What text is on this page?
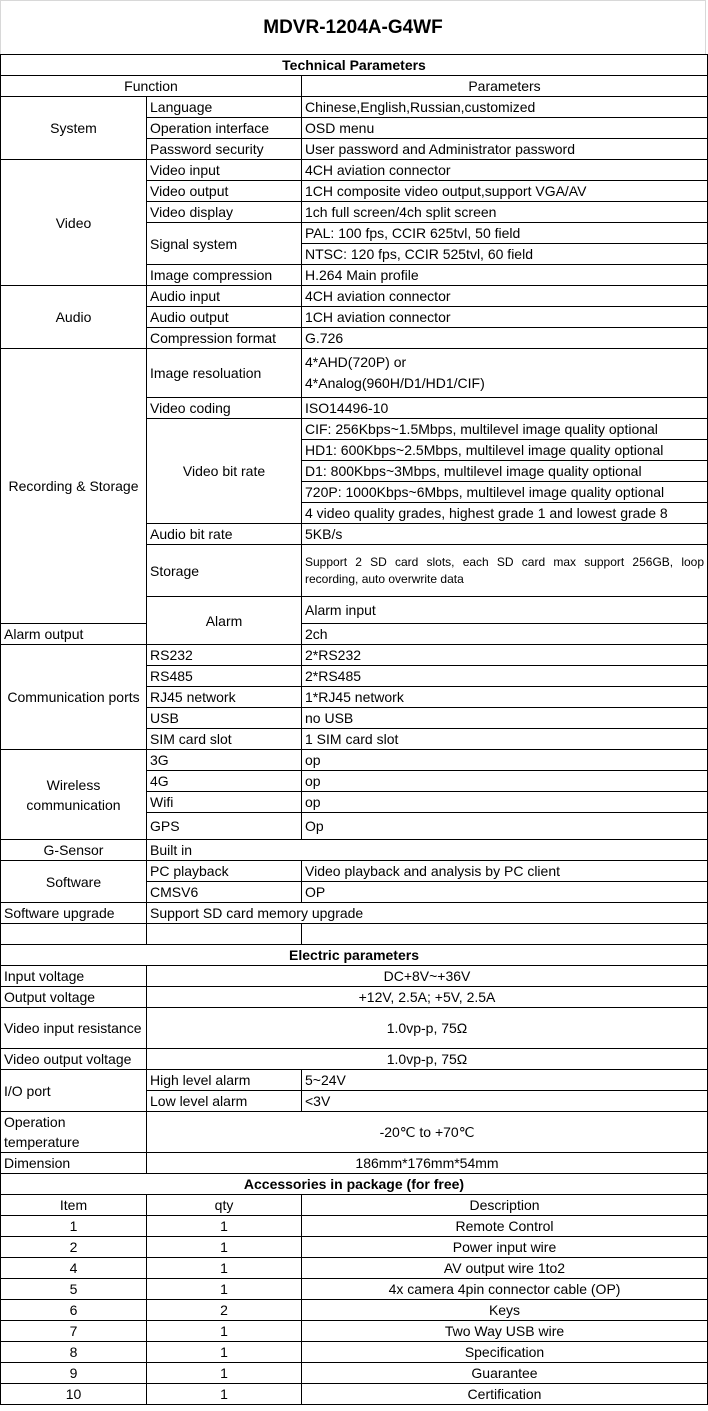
MDVR-1204A-G4WF
Technical Parameters			
Function		Parameters	
System	Language	Chinese,English,Russian,customized	
	Operation interface	OSD menu	
	Password security	User password and Administrator password	
Video	Video input	4CH aviation connector	
	Video output	1CH composite video output,support VGA/AV	
	Video display	1ch full screen/4ch split screen	
	Signal system	PAL: 100 fps, CCIR 625tvl, 50 field	
		NTSC: 120 fps, CCIR 525tvl, 60 field	
	Image compression	H.264 Main profile	
Audio	Audio input	4CH aviation connector	
	Audio output	1CH aviation connector	
	Compression format	G.726	
Recording & Storage	Image resoluation	4*AHD(720P) or
4*Analog(960H/D1/HD1/CIF)	

	Video coding	ISO14496-10	
	Video bit rate	CIF: 256Kbps~1.5Mbps, multilevel image quality optional	
		HD1: 600Kbps~2.5Mbps, multilevel image quality optional	
		D1: 800Kbps~3Mbps, multilevel image quality optional	
		720P: 1000Kbps~6Mbps, multilevel image quality optional	
		4 video quality grades, highest grade 1 and lowest grade 8	
	Audio bit rate	5KB/s	
	Storage	Support 2 SD card slots, each SD card max support 256GB, loop recording, auto overwrite data	
	Alarm	Alarm input	
Alarm output		2ch	
Communication ports	RS232	2*RS232	
	RS485	2*RS485	
	RJ45 network	1*RJ45 network	
	USB	no USB	
	SIM card slot	1 SIM card slot	
Wireless communication	3G	op	
	4G	op	
	Wifi	op	
	GPS	Op	
G-Sensor	Built in		
Software	PC playback	Video playback and analysis by PC client	
	CMSV6	OP	
Software upgrade	Support SD card memory upgrade		

Electric parameters			
Input voltage	DC+8V~+36V		
Output voltage	+12V, 2.5A; +5V, 2.5A		
Video input resistance	1.0vp-p, 75Ω		
Video output voltage	1.0vp-p, 75Ω		
I/O port	High level alarm	5~24V	
	Low level alarm	<3V	
Operation temperature	-20℃ to +70℃		
Dimension	186mm*176mm*54mm		
Accessories in package (for free)			
Item	qty	Description	
1	1	Remote Control	
2	1	Power input wire	
4	1	AV output wire 1to2	
5	1	4x camera 4pin connector cable (OP)	
6	2	Keys	
7	1	Two Way USB wire	
8	1	Specification	
9	1	Guarantee	
10	1	Certification	
